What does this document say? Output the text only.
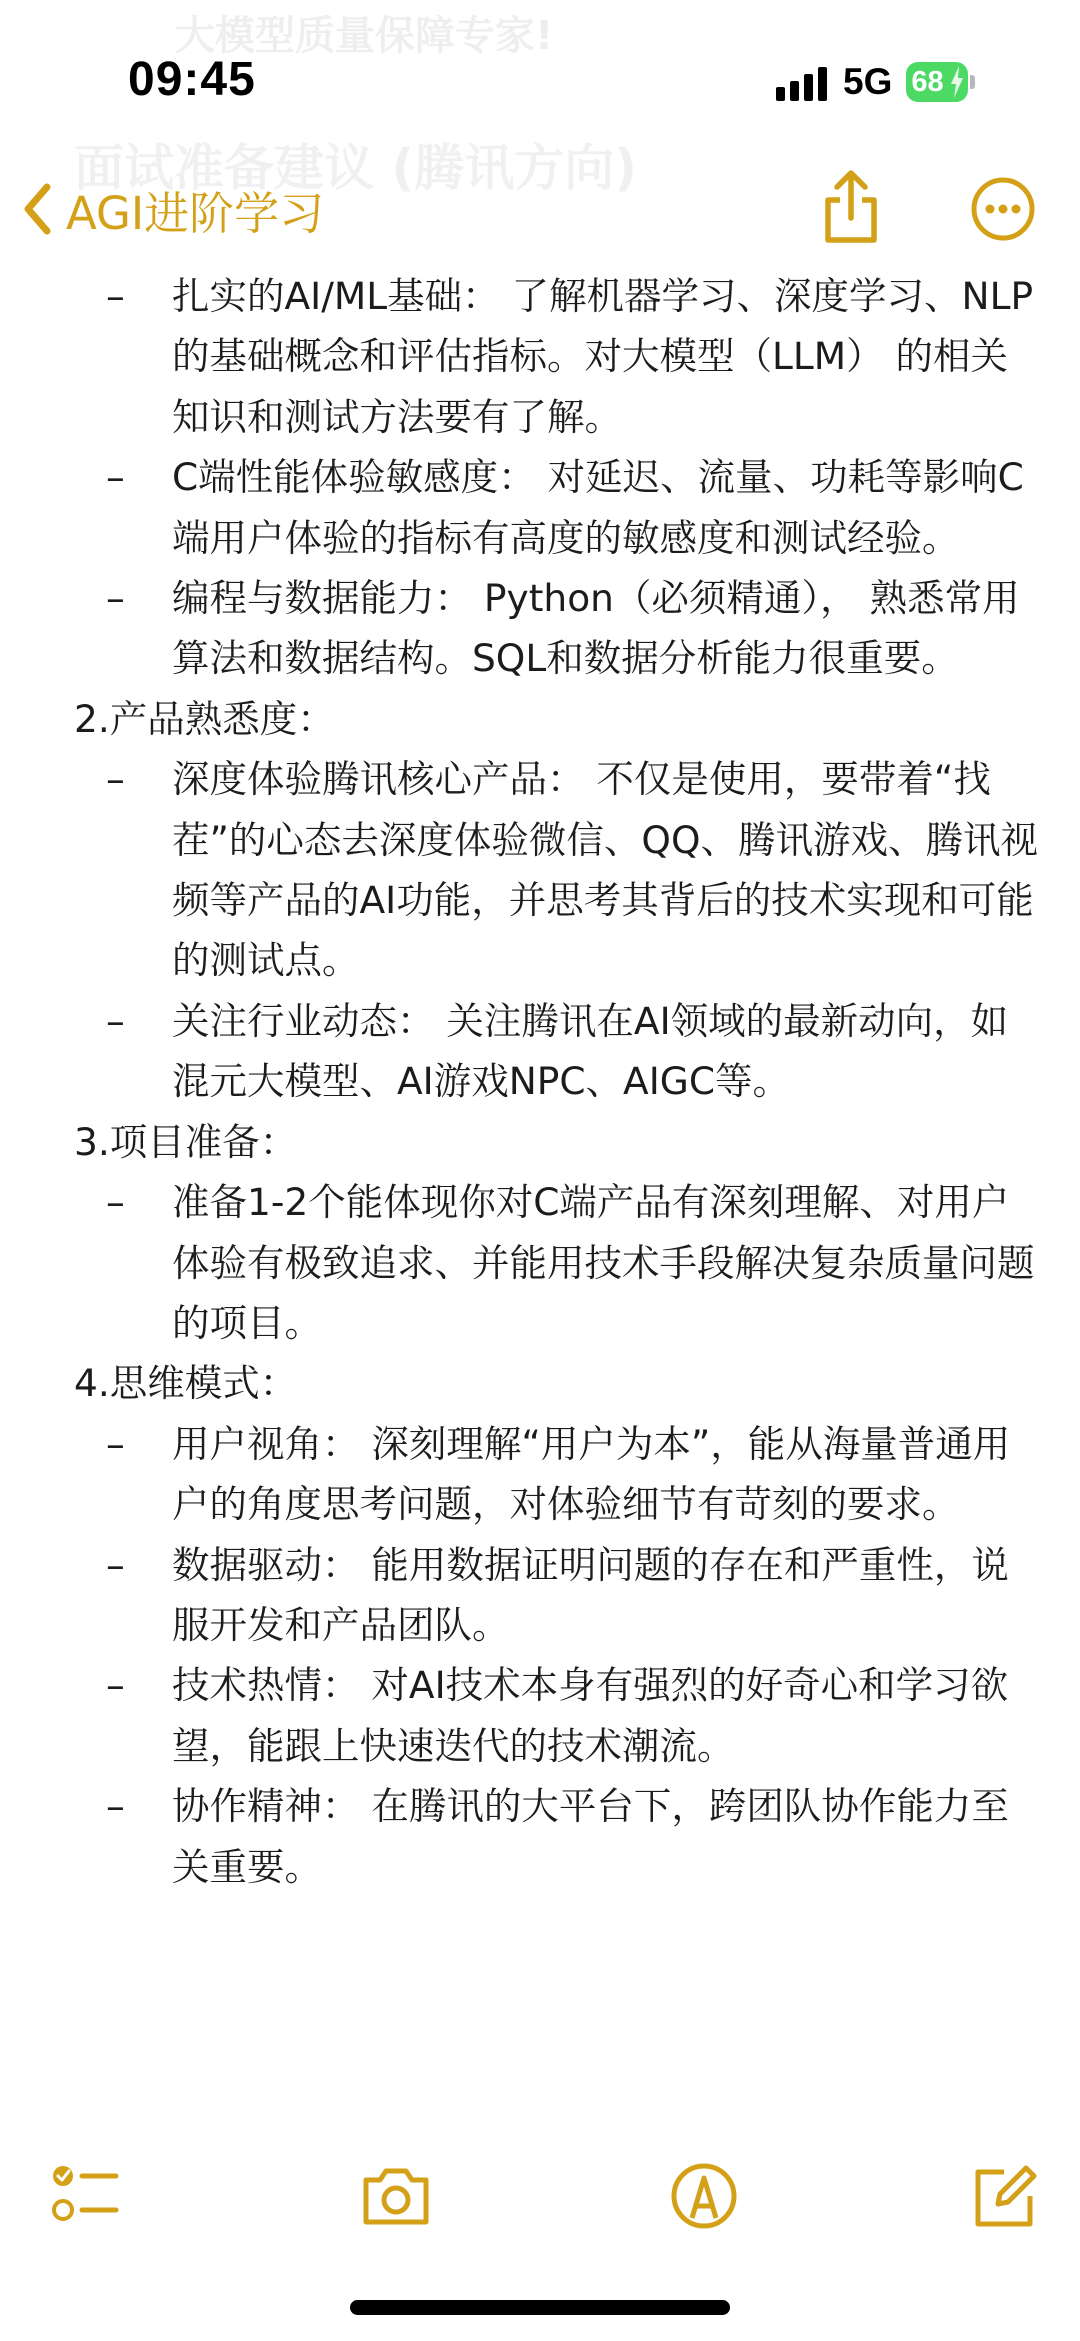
大模型质量保障专家!
面试准备建议 (腾讯方向)
09:45	5G 68
AGI进阶学习
– 扎实的AI/ML基础： 了解机器学习、深度学习、NLP的基础概念和评估指标。对大模型（LLM） 的相关知识和测试方法要有了解。
– C端性能体验敏感度： 对延迟、流量、功耗等影响C端用户体验的指标有高度的敏感度和测试经验。
– 编程与数据能力： Python（必须精通）， 熟悉常用算法和数据结构。SQL和数据分析能力很重要。
2.产品熟悉度：
– 深度体验腾讯核心产品： 不仅是使用，要带着“找茬”的心态去深度体验微信、QQ、腾讯游戏、腾讯视频等产品的AI功能，并思考其背后的技术实现和可能的测试点。
– 关注行业动态： 关注腾讯在AI领域的最新动向，如混元大模型、AI游戏NPC、AIGC等。
3.项目准备：
– 准备1-2个能体现你对C端产品有深刻理解、对用户体验有极致追求、并能用技术手段解决复杂质量问题的项目。
4.思维模式：
– 用户视角： 深刻理解“用户为本”，能从海量普通用户的角度思考问题，对体验细节有苛刻的要求。
– 数据驱动： 能用数据证明问题的存在和严重性，说服开发和产品团队。
– 技术热情： 对AI技术本身有强烈的好奇心和学习欲望，能跟上快速迭代的技术潮流。
– 协作精神： 在腾讯的大平台下，跨团队协作能力至关重要。
